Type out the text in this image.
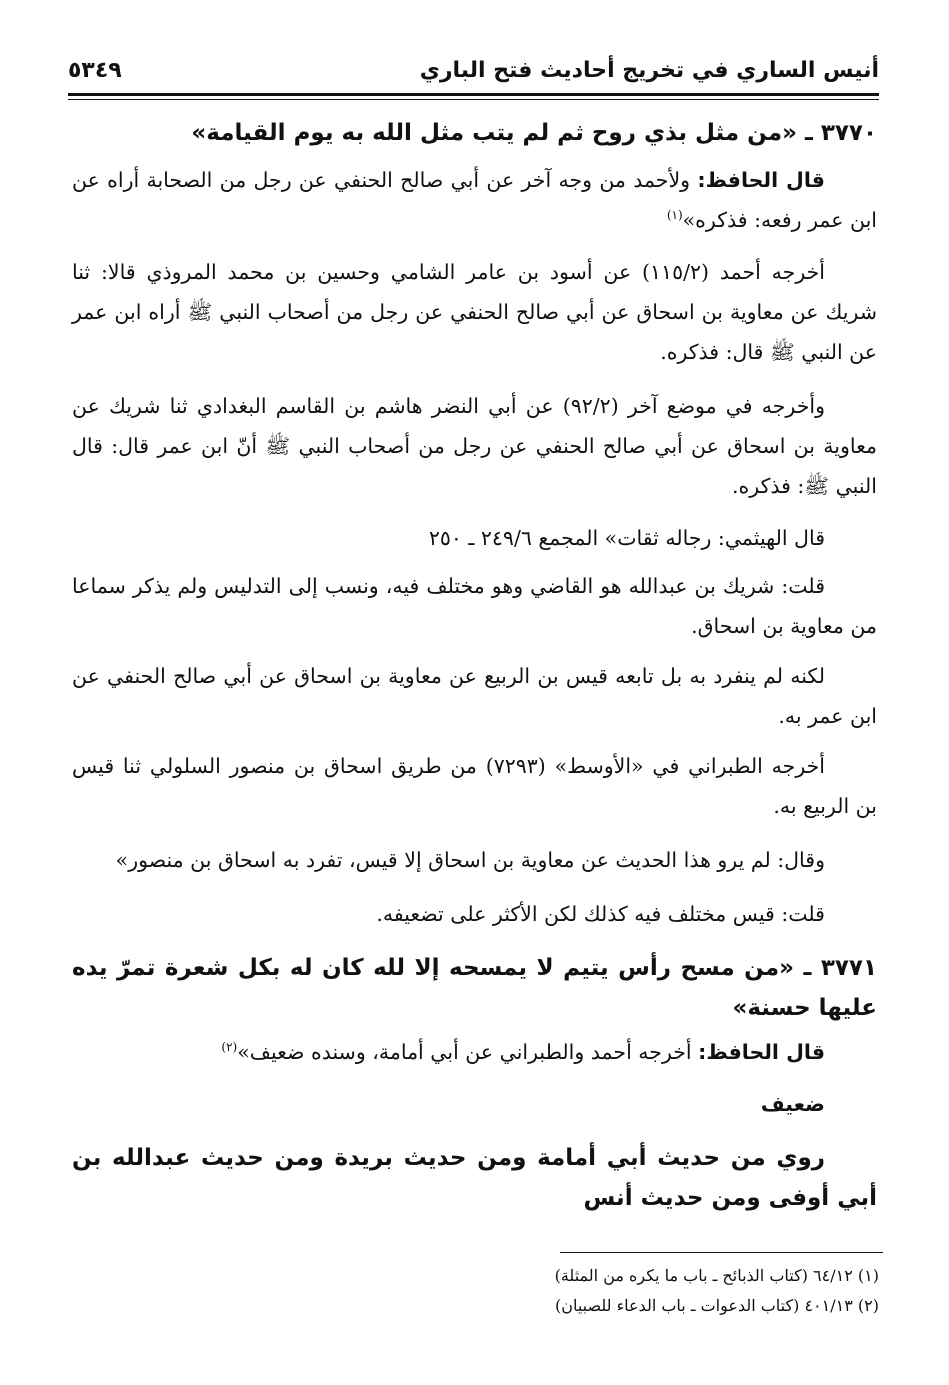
أنيس الساري في تخريج أحاديث فتح الباري
٥٣٤٩
٣٧٧٠ ـ «من مثل بذي روح ثم لم يتب مثل الله به يوم القيامة»
قال الحافظ: ولأحمد من وجه آخر عن أبي صالح الحنفي عن رجل من الصحابة أراه عن ابن عمر رفعه: فذكره»$^{(١)}$
أخرجه أحمد (١١٥/٢) عن أسود بن عامر الشامي وحسين بن محمد المروذي قالا: ثنا شريك عن معاوية بن اسحاق عن أبي صالح الحنفي عن رجل من أصحاب النبي ﷺ أراه ابن عمر عن النبي ﷺ قال: فذكره.
وأخرجه في موضع آخر (٩٢/٢) عن أبي النضر هاشم بن القاسم البغدادي ثنا شريك عن معاوية بن اسحاق عن أبي صالح الحنفي عن رجل من أصحاب النبي ﷺ أنّ ابن عمر قال: قال النبي ﷺ: فذكره.
قال الهيثمي: رجاله ثقات» المجمع ٢٤٩/٦ ـ ٢٥٠
قلت: شريك بن عبدالله هو القاضي وهو مختلف فيه، ونسب إلى التدليس ولم يذكر سماعا من معاوية بن اسحاق.
لكنه لم ينفرد به بل تابعه قيس بن الربيع عن معاوية بن اسحاق عن أبي صالح الحنفي عن ابن عمر به.
أخرجه الطبراني في «الأوسط» (٧٢٩٣) من طريق اسحاق بن منصور السلولي ثنا قيس بن الربيع به.
وقال: لم يرو هذا الحديث عن معاوية بن اسحاق إلا قيس، تفرد به اسحاق بن منصور»
قلت: قيس مختلف فيه كذلك لكن الأكثر على تضعيفه.
٣٧٧١ ـ «من مسح رأس يتيم لا يمسحه إلا لله كان له بكل شعرة تمرّ يده عليها حسنة»
قال الحافظ: أخرجه أحمد والطبراني عن أبي أمامة، وسنده ضعيف»$^{(٢)}$
ضعيف
روي من حديث أبي أمامة ومن حديث بريدة ومن حديث عبدالله بن أبي أوفى ومن حديث أنس
(١) ٦٤/١٢ (كتاب الذبائح ـ باب ما يكره من المثلة)
(٢) ٤٠١/١٣ (كتاب الدعوات ـ باب الدعاء للصبيان)
